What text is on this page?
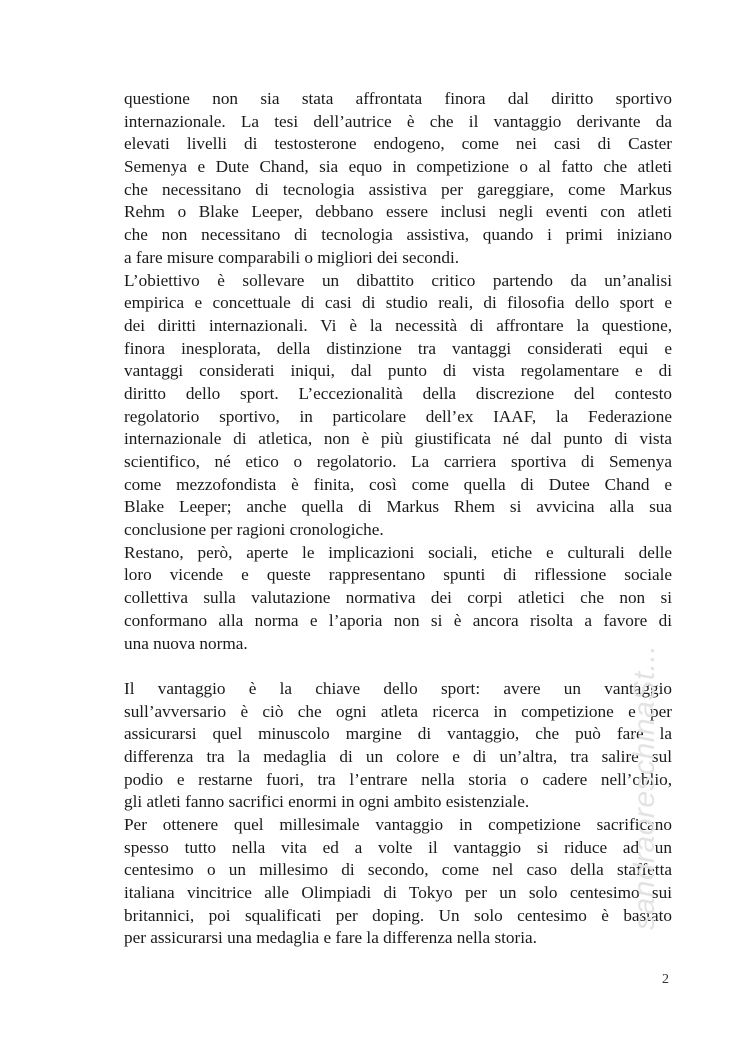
questione non sia stata affrontata finora dal diritto sportivo
internazionale. La tesi dell’autrice è che il vantaggio derivante da
elevati livelli di testosterone endogeno, come nei casi di Caster
Semenya e Dute Chand, sia equo in competizione o al fatto che atleti
che necessitano di tecnologia assistiva per gareggiare, come Markus
Rehm o Blake Leeper, debbano essere inclusi negli eventi con atleti
che non necessitano di tecnologia assistiva, quando i primi iniziano
a fare misure comparabili o migliori dei secondi.

L’obiettivo è sollevare un dibattito critico partendo da un’analisi
empirica e concettuale di casi di studio reali, di filosofia dello sport e
dei diritti internazionali. Vi è la necessità di affrontare la questione,
finora inesplorata, della distinzione tra vantaggi considerati equi e
vantaggi considerati iniqui, dal punto di vista regolamentare e di
diritto dello sport. L’eccezionalità della discrezione del contesto
regolatorio sportivo, in particolare dell’ex IAAF, la Federazione
internazionale di atletica, non è più giustificata né dal punto di vista
scientifico, né etico o regolatorio. La carriera sportiva di Semenya
come mezzofondista è finita, così come quella di Dutee Chand e
Blake Leeper; anche quella di Markus Rhem si avvicina alla sua
conclusione per ragioni cronologiche.

Restano, però, aperte le implicazioni sociali, etiche e culturali delle
loro vicende e queste rappresentano spunti di riflessione sociale
collettiva sulla valutazione normativa dei corpi atletici che non si
conformano alla norma e l’aporia non si è ancora risolta a favore di
una nuova norma.

Il vantaggio è la chiave dello sport: avere un vantaggio
sull’avversario è ciò che ogni atleta ricerca in competizione e per
assicurarsi quel minuscolo margine di vantaggio, che può fare la
differenza tra la medaglia di un colore e di un’altra, tra salire sul
podio e restarne fuori, tra l’entrare nella storia o cadere nell’oblio,
gli atleti fanno sacrifici enormi in ogni ambito esistenziale.

Per ottenere quel millesimale vantaggio in competizione sacrificano
spesso tutto nella vita ed a volte il vantaggio si riduce ad un
centesimo o un millesimo di secondo, come nel caso della staffetta
italiana vincitrice alle Olimpiadi di Tokyo per un solo centesimo sui
britannici, poi squalificati per doping. Un solo centesimo è bastato
per assicurarsi una medaglia e fare la differenza nella storia.

sandraoreschinaSt...
2
